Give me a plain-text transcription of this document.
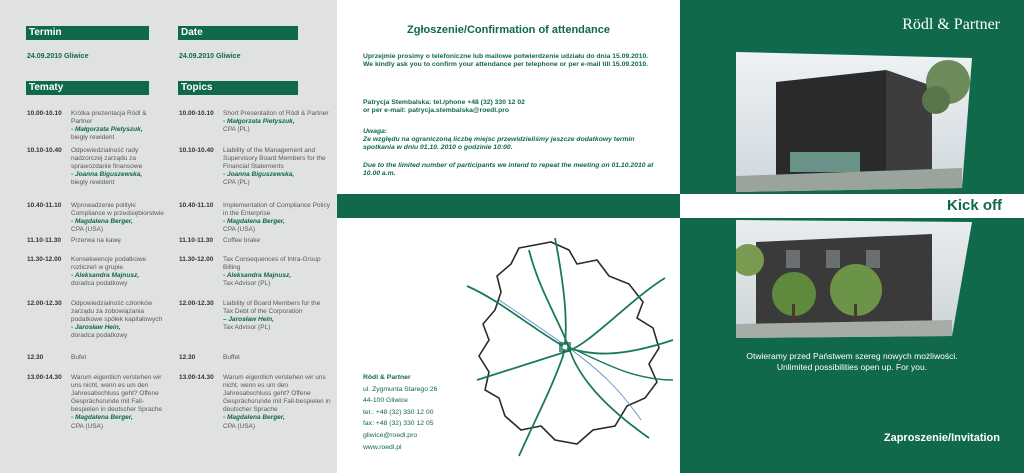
Termin
24.09.2010 Gliwice
Tematy
10.00-10.10 Krótka prezentacja Rödl & Partner
- Małgorzata Pietyszuk,
biegły rewident
10.10-10.40 Odpowiedzialność rady nadzorczej zarządu za sprawozdanie finansowe
- Joanna Biguszewska,
biegły rewident
10.40-11.10 Wprowadzenie polityki Compliance w przedsiębiorstwie
- Magdalena Berger,
CPA (USA)
11.10-11.30 Przerwa na kawę
11.30-12.00 Konsekwencje podatkowe rozliczeń w grupie
- Aleksandra Majnusz,
doradca podatkowy
12.00-12.30 Odpowiedzialność członków zarządu za zobowiązania podatkowe spółek kapitałowych
- Jarosław Hein,
doradca podatkowy
12.30	Bufet
13.00-14.30 Warum eigentlich verstehen wir uns nicht, wenn es um den Jahresabschluss geht? Offene Gesprächsrunde mit Fall-bespielen in deutscher Sprache
- Magdalena Berger,
CPA (USA)
Date
24.09.2010 Gliwice
Topics
10.00-10.10 Short Presentation of Rödl & Partner
- Małgorzata Pietyszuk,
CPA (PL)
10.10-10.40 Liability of the Management and Supervisory Board Members for the Financial Statements
- Joanna Biguszewska,
CPA (PL)
10.40-11.10 Implementation of Compliance Policy in the Enterprise
- Magdalena Berger,
CPA (USA)
11.10-11.30 Coffee brake
11.30-12.00 Tax Consequences of Intra-Group Billing
- Aleksandra Majnusz,
Tax Advisor (PL)
12.00-12.30 Liability of Board Members for the Tax Debt of the Corporation
– Jarosław Hein,
Tax Advisor (PL)
12.30	Buffet
13.00-14.30 Warum eigentlich verstehen wir uns nicht, wenn es um den Jahresabschluss geht? Offene Gesprächsrunde mit Fall-bespielen in deutscher Sprache
- Magdalena Berger,
CPA (USA)
Zgłoszenie/Confirmation of attendance
Uprzejmie prosimy o telefoniczne lub mailowe potwierdzenie udziału do dnia 15.09.2010.
We kindly ask you to confirm your attendance per telephone or per e-mail till 15.09.2010.
Patrycja Stembalska: tel./phone +48 (32) 330 12 02
or per e-mail: patrycja.stembalska@roedl.pro
Uwaga:
Ze względu na ograniczoną liczbę miejsc przewidzieliśmy jeszcze dodatkowy termin spotkania w dniu 01.10. 2010 o godzinie 10:00.
Due to the limited number of participants we intend to repeat the meeting on 01.10.2010 at 10.00 a.m.
Rödl & Partner
ul. Zygmunta Starego 26
44-100 Gliwice
tel.: +48 (32) 330 12 00
fax: +48 (32) 330 12 05
gliwice@roedl.pro
www.roedl.pl
Rödl & Partner
Kick off
Otwieramy przed Państwem szereg nowych możliwości.
Unlimited possibilities open up. For you.
Zaproszenie/Invitation
